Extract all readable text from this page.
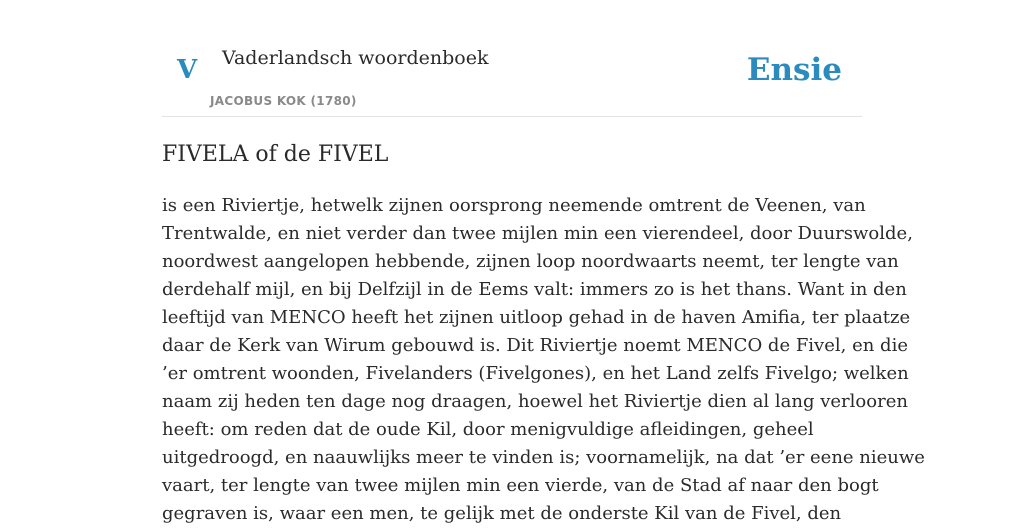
V Vaderlandsch woordenboek
JACOBUS KOK (1780)
Ensie
FIVELA of de FIVEL

is een Riviertje, hetwelk zijnen oorsprong neemende omtrent de Veenen, van
Trentwalde, en niet verder dan twee mijlen min een vierendeel, door Duurswolde,
noordwest aangelopen hebbende, zijnen loop noordwaarts neemt, ter lengte van
derdehalf mijl, en bij Delfzijl in de Eems valt: immers zo is het thans. Want in den
leeftijd van MENCO heeft het zijnen uitloop gehad in de haven Amifia, ter plaatze
daar de Kerk van Wirum gebouwd is. Dit Riviertje noemt MENCO de Fivel, en die
’er omtrent woonden, Fivelanders (Fivelgones), en het Land zelfs Fivelgo; welken
naam zij heden ten dage nog draagen, hoewel het Riviertje dien al lang verlooren
heeft: om reden dat de oude Kil, door menigvuldige afleidingen, geheel
uitgedroogd, en naauwlijks meer te vinden is; voornamelijk, na dat ’er eene nieuwe
vaart, ter lengte van twee mijlen min een vierde, van de Stad af naar den bogt
gegraven is, waar een men, te gelijk met de onderste Kil van de Fivel, den
